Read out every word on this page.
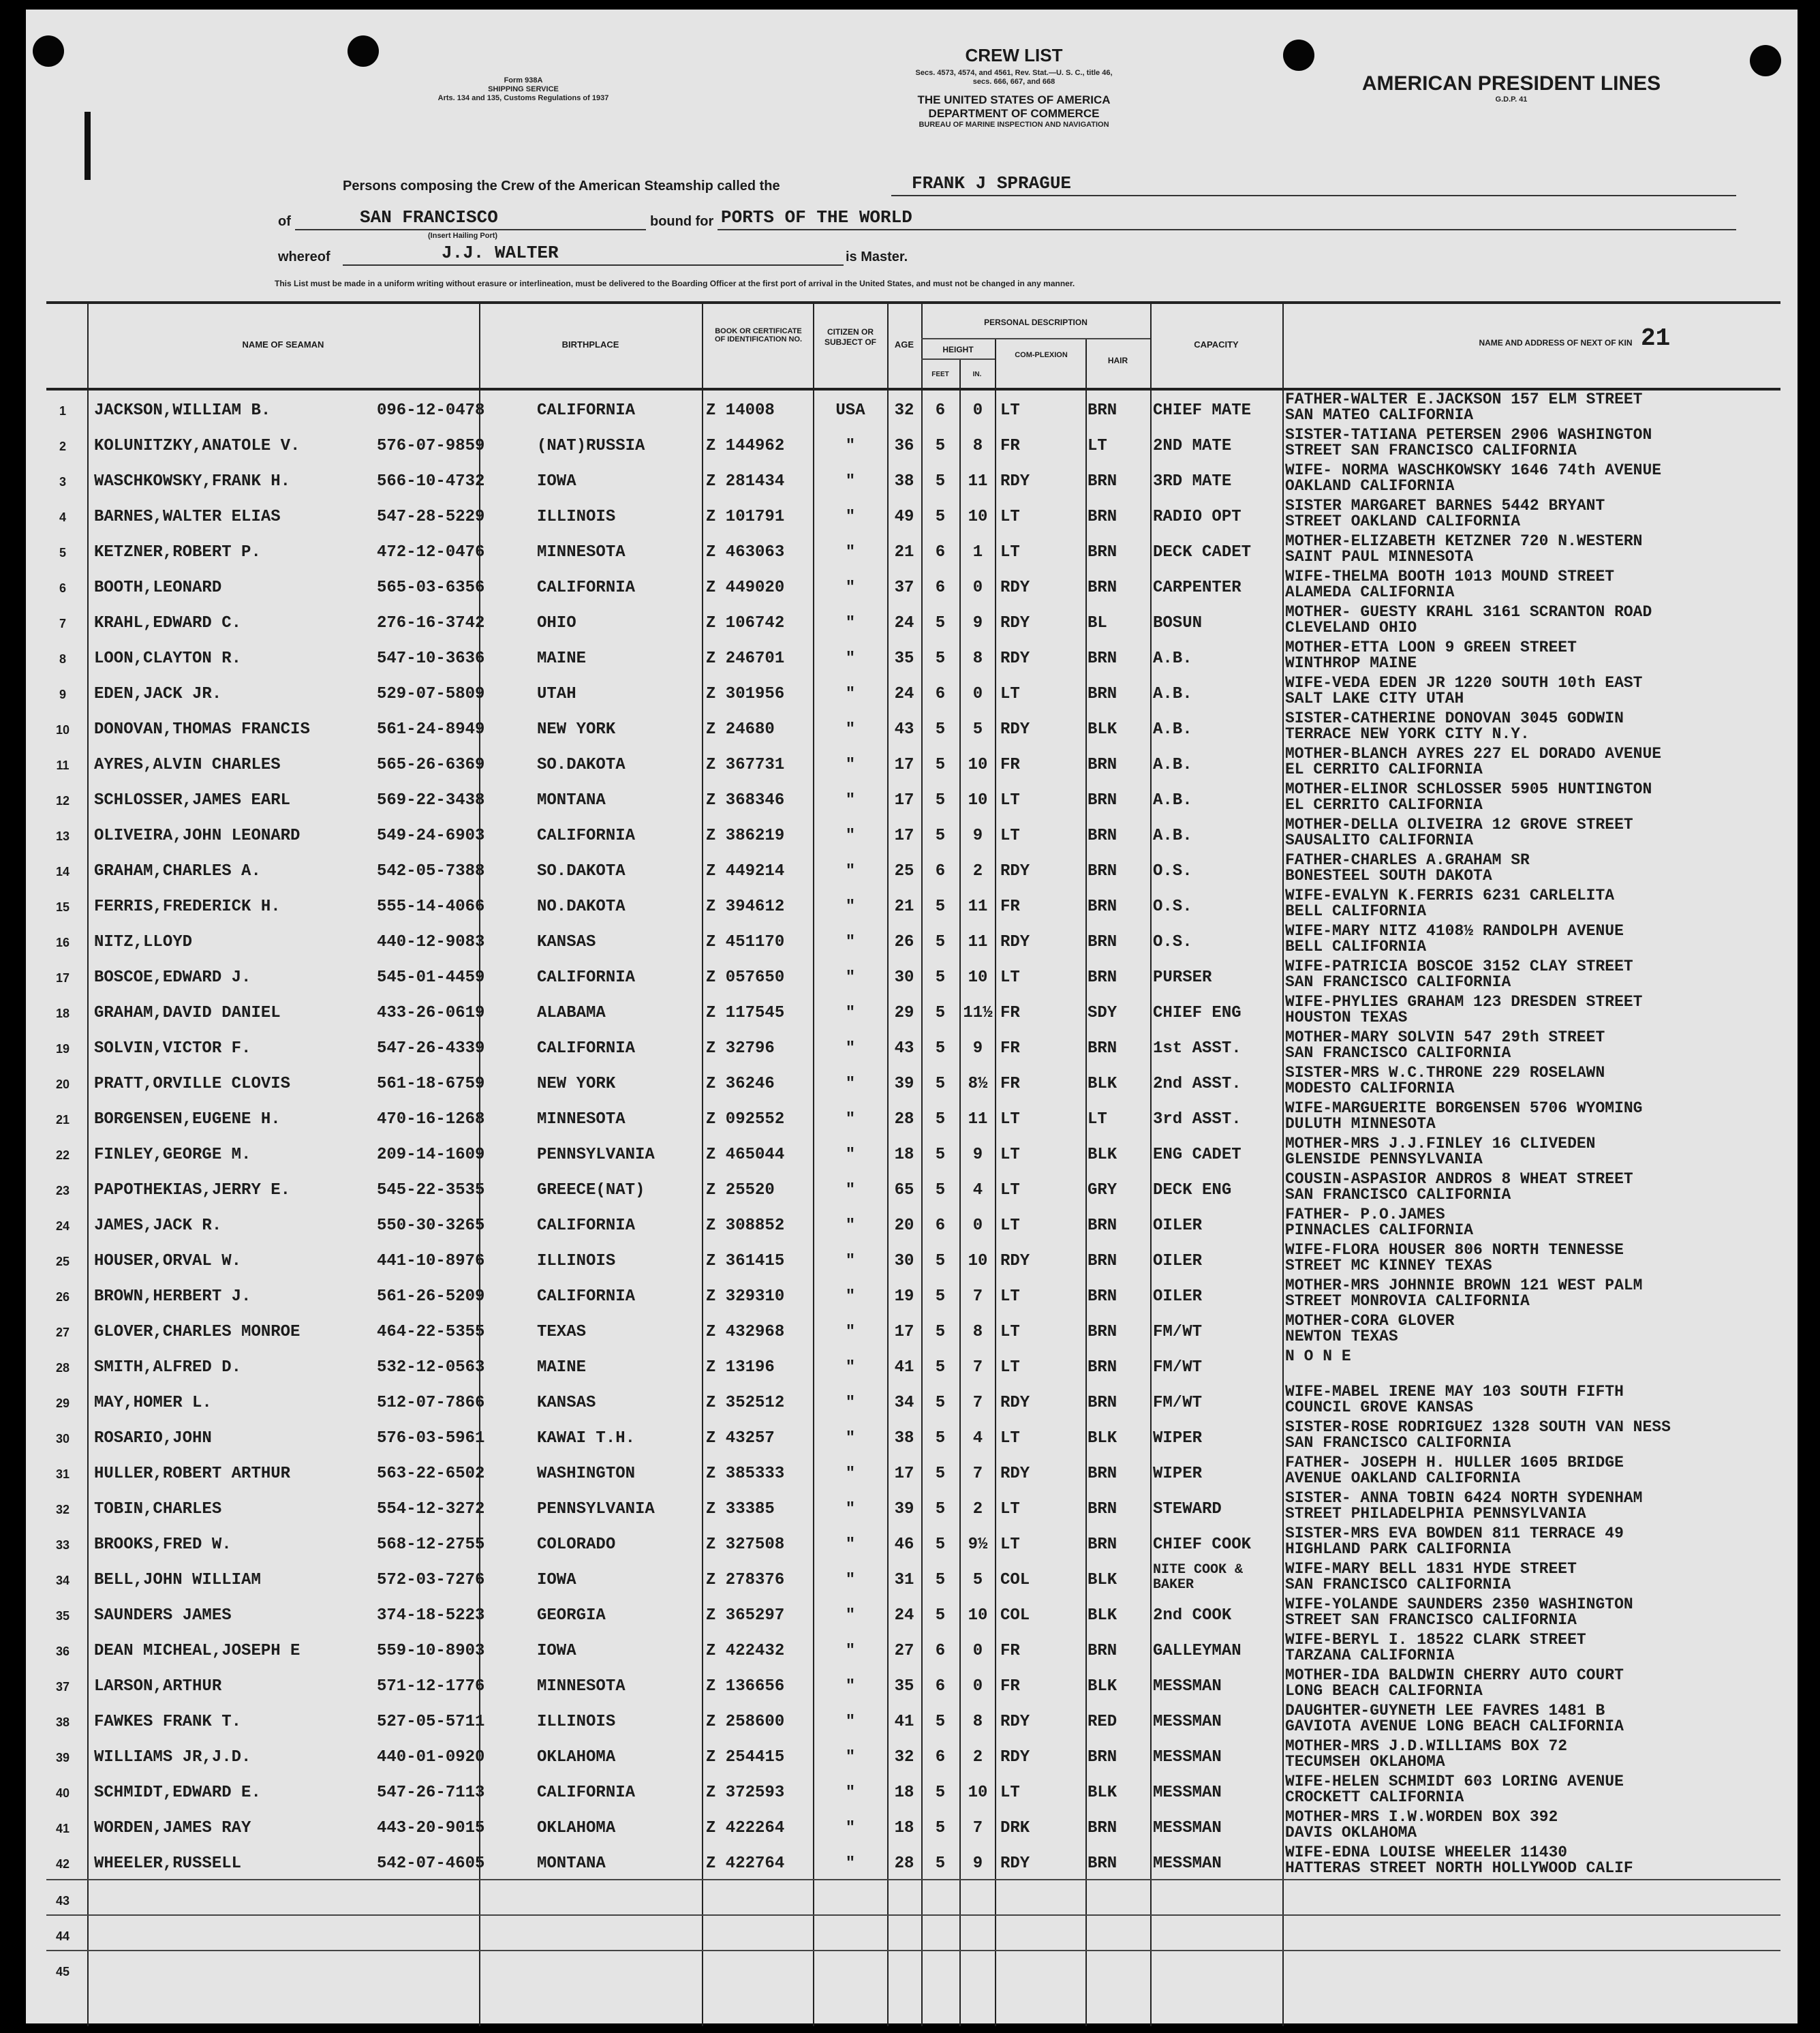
Form 938A
SHIPPING SERVICE
Arts. 134 and 135, Customs Regulations of 1937
CREW LIST
Secs. 4573, 4574, and 4561, Rev. Stat.—U. S. C., title 46,
secs. 666, 667, and 668
THE UNITED STATES OF AMERICA
DEPARTMENT OF COMMERCE
BUREAU OF MARINE INSPECTION AND NAVIGATION
AMERICAN PRESIDENT LINES
G.D.P. 41
Persons composing the Crew of the American Steamship called the	FRANK J SPRAGUE
of	SAN FRANCISCO
(Insert Hailing Port)
bound for PORTS OF THE WORLD
whereof	J.J. WALTER	is Master.
This List must be made in a uniform writing without erasure or interlineation, must be delivered to the Boarding Officer at the first port of arrival in the United States, and must not be changed in any manner.
NAME OF SEAMAN	BIRTHPLACE
BOOK OR CERTIFICATE OF IDENTIFICATION NO.
CITIZEN OR SUBJECT OF	AGE
PERSONAL DESCRIPTION
HEIGHT
FEET	IN.
COM-PLEXION
HAIR
CAPACITY	NAME AND ADDRESS OF NEXT OF KIN 21
1	JACKSON,WILLIAM B.	096-12-0478	CALIFORNIA	Z 14008	USA	32	6	0	LT	BRN	CHIEF MATE
FATHER-WALTER E.JACKSON 157 ELM STREET
SAN MATEO CALIFORNIA
2	KOLUNITZKY,ANATOLE V.	576-07-9859	(NAT)RUSSIA	Z 144962	"	36	5	8	FR	LT	2ND MATE
SISTER-TATIANA PETERSEN 2906 WASHINGTON
STREET SAN FRANCISCO CALIFORNIA
3	WASCHKOWSKY,FRANK H.	566-10-4732	IOWA	Z 281434	"	38	5	11 RDY	BRN	3RD MATE
WIFE- NORMA WASCHKOWSKY 1646 74th AVENUE
OAKLAND CALIFORNIA
4	BARNES,WALTER ELIAS	547-28-5229	ILLINOIS	Z 101791	"	49	5	10 LT	BRN	RADIO OPT
SISTER MARGARET BARNES 5442 BRYANT
STREET OAKLAND CALIFORNIA
5	KETZNER,ROBERT P.	472-12-0476	MINNESOTA	Z 463063	"	21	6	1	LT	BRN	DECK CADET
MOTHER-ELIZABETH KETZNER 720 N.WESTERN
SAINT PAUL MINNESOTA
6	BOOTH,LEONARD	565-03-6356	CALIFORNIA	Z 449020	"	37	6	0	RDY	BRN	CARPENTER
WIFE-THELMA BOOTH 1013 MOUND STREET
ALAMEDA CALIFORNIA
7	KRAHL,EDWARD C.	276-16-3742	OHIO	Z 106742	"	24	5	9	RDY	BL	BOSUN
MOTHER- GUESTY KRAHL 3161 SCRANTON ROAD
CLEVELAND OHIO
8	LOON,CLAYTON R.	547-10-3636	MAINE	Z 246701	"	35	5	8	RDY	BRN	A.B.
MOTHER-ETTA LOON 9 GREEN STREET
WINTHROP MAINE
9	EDEN,JACK JR.	529-07-5809	UTAH	Z 301956	"	24	6	0	LT	BRN	A.B.
WIFE-VEDA EDEN JR 1220 SOUTH 10th EAST
SALT LAKE CITY UTAH
10	DONOVAN,THOMAS FRANCIS	561-24-8949	NEW YORK	Z 24680	"	43	5	5	RDY	BLK	A.B.
SISTER-CATHERINE DONOVAN 3045 GODWIN
TERRACE NEW YORK CITY N.Y.
11	AYRES,ALVIN CHARLES	565-26-6369	SO.DAKOTA	Z 367731	"	17	5	10 FR	BRN	A.B.
MOTHER-BLANCH AYRES 227 EL DORADO AVENUE
EL CERRITO CALIFORNIA
12	SCHLOSSER,JAMES EARL	569-22-3438	MONTANA	Z 368346	"	17	5	10 LT	BRN	A.B.
MOTHER-ELINOR SCHLOSSER 5905 HUNTINGTON
EL CERRITO CALIFORNIA
13	OLIVEIRA,JOHN LEONARD	549-24-6903	CALIFORNIA	Z 386219	"	17	5	9	LT	BRN	A.B.
MOTHER-DELLA OLIVEIRA 12 GROVE STREET
SAUSALITO CALIFORNIA
14	GRAHAM,CHARLES A.	542-05-7388	SO.DAKOTA	Z 449214	"	25	6	2	RDY	BRN	O.S.
FATHER-CHARLES A.GRAHAM SR
BONESTEEL SOUTH DAKOTA
15	FERRIS,FREDERICK H.	555-14-4066	NO.DAKOTA	Z 394612	"	21	5	11 FR	BRN	O.S.
WIFE-EVALYN K.FERRIS 6231 CARLELITA
BELL CALIFORNIA
16	NITZ,LLOYD	440-12-9083	KANSAS	Z 451170	"	26	5	11 RDY	BRN	O.S.
WIFE-MARY NITZ 4108½ RANDOLPH AVENUE
BELL CALIFORNIA
17	BOSCOE,EDWARD J.	545-01-4459	CALIFORNIA	Z 057650	"	30	5	10 LT	BRN	PURSER
WIFE-PATRICIA BOSCOE 3152 CLAY STREET
SAN FRANCISCO CALIFORNIA
18	GRAHAM,DAVID DANIEL	433-26-0619	ALABAMA	Z 117545	"	29	5	11½ FR	SDY	CHIEF ENG
WIFE-PHYLIES GRAHAM 123 DRESDEN STREET
HOUSTON TEXAS
19	SOLVIN,VICTOR F.	547-26-4339	CALIFORNIA	Z 32796	"	43	5	9	FR	BRN	1st ASST.
MOTHER-MARY SOLVIN 547 29th STREET
SAN FRANCISCO CALIFORNIA
20	PRATT,ORVILLE CLOVIS	561-18-6759	NEW YORK	Z 36246	"	39	5	8½ FR	BLK	2nd ASST.
SISTER-MRS W.C.THRONE 229 ROSELAWN
MODESTO CALIFORNIA
21	BORGENSEN,EUGENE H.	470-16-1268	MINNESOTA	Z 092552	"	28	5	11 LT	LT	3rd ASST.
WIFE-MARGUERITE BORGENSEN 5706 WYOMING
DULUTH MINNESOTA
22	FINLEY,GEORGE M.	209-14-1609	PENNSYLVANIA	Z 465044	"	18	5	9	LT	BLK	ENG CADET
MOTHER-MRS J.J.FINLEY 16 CLIVEDEN
GLENSIDE PENNSYLVANIA
23	PAPOTHEKIAS,JERRY E.	545-22-3535	GREECE(NAT)	Z 25520	"	65	5	4	LT	GRY	DECK ENG
COUSIN-ASPASIOR ANDROS 8 WHEAT STREET
SAN FRANCISCO CALIFORNIA
24	JAMES,JACK R.	550-30-3265	CALIFORNIA	Z 308852	"	20	6	0	LT	BRN	OILER
FATHER- P.O.JAMES
PINNACLES CALIFORNIA
25	HOUSER,ORVAL W.	441-10-8976	ILLINOIS	Z 361415	"	30	5	10 RDY	BRN	OILER
WIFE-FLORA HOUSER 806 NORTH TENNESSE
STREET MC KINNEY TEXAS
26	BROWN,HERBERT J.	561-26-5209	CALIFORNIA	Z 329310	"	19	5	7	LT	BRN	OILER
MOTHER-MRS JOHNNIE BROWN 121 WEST PALM
STREET MONROVIA CALIFORNIA
27	GLOVER,CHARLES MONROE	464-22-5355	TEXAS	Z 432968	"	17	5	8	LT	BRN	FM/WT
MOTHER-CORA GLOVER
NEWTON TEXAS
28	SMITH,ALFRED D.	532-12-0563	MAINE	Z 13196	"	41	5	7	LT	BRN	FM/WT
N O N E
29	MAY,HOMER L.	512-07-7866	KANSAS	Z 352512	"	34	5	7	RDY	BRN	FM/WT
WIFE-MABEL IRENE MAY 103 SOUTH FIFTH
COUNCIL GROVE KANSAS
30	ROSARIO,JOHN	576-03-5961	KAWAI T.H.	Z 43257	"	38	5	4	LT	BLK	WIPER
SISTER-ROSE RODRIGUEZ 1328 SOUTH VAN NESS
SAN FRANCISCO CALIFORNIA
31	HULLER,ROBERT ARTHUR	563-22-6502	WASHINGTON	Z 385333	"	17	5	7	RDY	BRN	WIPER
FATHER- JOSEPH H. HULLER 1605 BRIDGE
AVENUE OAKLAND CALIFORNIA
32	TOBIN,CHARLES	554-12-3272	PENNSYLVANIA	Z 33385	"	39	5	2	LT	BRN	STEWARD
SISTER- ANNA TOBIN 6424 NORTH SYDENHAM
STREET PHILADELPHIA PENNSYLVANIA
33	BROOKS,FRED W.	568-12-2755	COLORADO	Z 327508	"	46	5	9½ LT	BRN	CHIEF COOK
SISTER-MRS EVA BOWDEN 811 TERRACE 49
HIGHLAND PARK CALIFORNIA
34	BELL,JOHN WILLIAM	572-03-7276	IOWA	Z 278376	"	31	5	5	COL	BLK
NITE COOK & BAKER
WIFE-MARY BELL 1831 HYDE STREET
SAN FRANCISCO CALIFORNIA
35	SAUNDERS JAMES	374-18-5223	GEORGIA	Z 365297	"	24	5	10 COL	BLK	2nd COOK
WIFE-YOLANDE SAUNDERS 2350 WASHINGTON
STREET SAN FRANCISCO CALIFORNIA
36	DEAN MICHEAL,JOSEPH E	559-10-8903	IOWA	Z 422432	"	27	6	0	FR	BRN	GALLEYMAN
WIFE-BERYL I. 18522 CLARK STREET
TARZANA CALIFORNIA
37	LARSON,ARTHUR	571-12-1776	MINNESOTA	Z 136656	"	35	6	0	FR	BLK	MESSMAN
MOTHER-IDA BALDWIN CHERRY AUTO COURT
LONG BEACH CALIFORNIA
38	FAWKES FRANK T.	527-05-5711	ILLINOIS	Z 258600	"	41	5	8	RDY	RED	MESSMAN
DAUGHTER-GUYNETH LEE FAVRES 1481 B
GAVIOTA AVENUE LONG BEACH CALIFORNIA
39	WILLIAMS JR,J.D.	440-01-0920	OKLAHOMA	Z 254415	"	32	6	2	RDY	BRN	MESSMAN
MOTHER-MRS J.D.WILLIAMS BOX 72
TECUMSEH OKLAHOMA
40	SCHMIDT,EDWARD E.	547-26-7113	CALIFORNIA	Z 372593	"	18	5	10 LT	BLK	MESSMAN
WIFE-HELEN SCHMIDT 603 LORING AVENUE
CROCKETT CALIFORNIA
41	WORDEN,JAMES RAY	443-20-9015	OKLAHOMA	Z 422264	"	18	5	7	DRK	BRN	MESSMAN
MOTHER-MRS I.W.WORDEN BOX 392
DAVIS OKLAHOMA
42	WHEELER,RUSSELL	542-07-4605	MONTANA	Z 422764	"	28	5	9	RDY	BRN	MESSMAN
WIFE-EDNA LOUISE WHEELER 11430
HATTERAS STREET NORTH HOLLYWOOD CALIF
43
44
45
